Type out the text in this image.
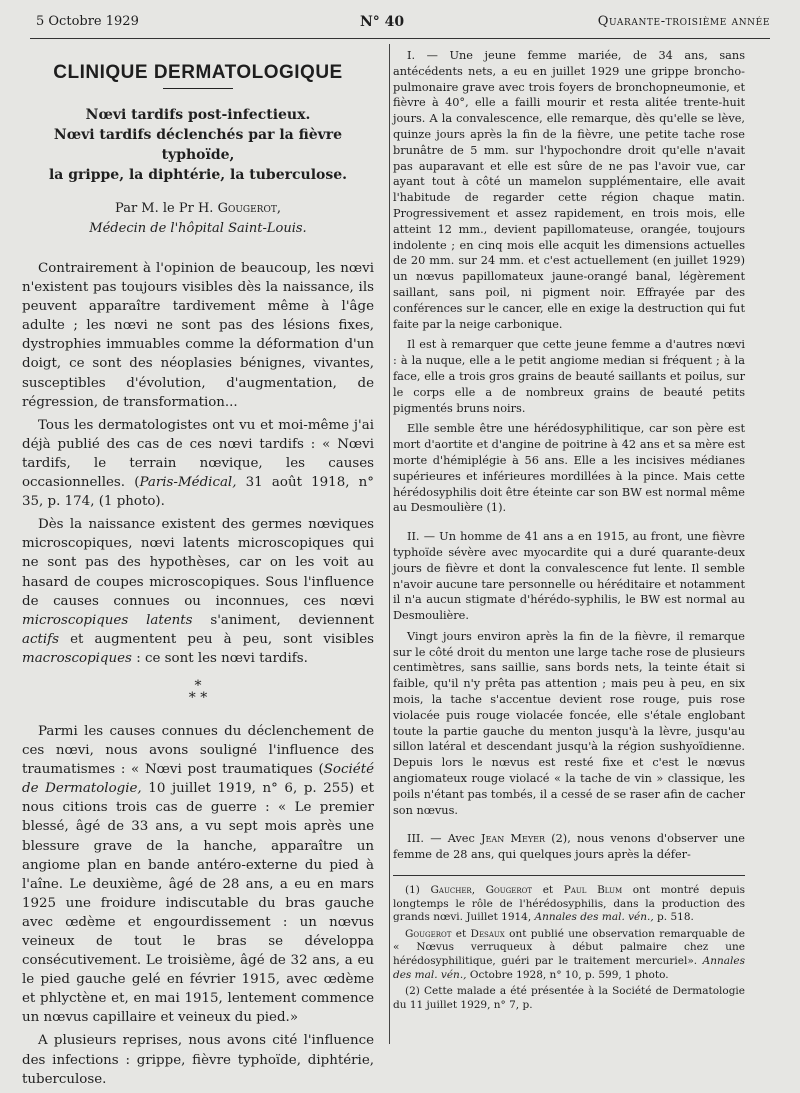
5 Octobre 1929	N° 40	Quarante-troisième année
CLINIQUE DERMATOLOGIQUE
Nœvi tardifs post-infectieux.
Nœvi tardifs déclenchés par la fièvre typhoïde,
la grippe, la diphtérie, la tuberculose.
Par M. le Pr H. Gougerot,
Médecin de l'hôpital Saint-Louis.

Contrairement à l'opinion de beaucoup, les nœvi n'existent pas toujours visibles dès la naissance, ils peuvent apparaître tardivement même à l'âge adulte ; les nœvi ne sont pas des lésions fixes, dystrophies immuables comme la déformation d'un doigt, ce sont des néoplasies bénignes, vivantes, susceptibles d'évolution, d'augmentation, de régression, de transformation...

Tous les dermatologistes ont vu et moi-même j'ai déjà publié des cas de ces nœvi tardifs : « Nœvi tardifs, le terrain nœvique, les causes occasionnelles. (Paris-Médical, 31 août 1918, n° 35, p. 174, (1 photo).

Dès la naissance existent des germes nœviques microscopiques, nœvi latents microscopiques qui ne sont pas des hypothèses, car on les voit au hasard de coupes microscopiques. Sous l'influence de causes connues ou inconnues, ces nœvi microscopiques latents s'animent, deviennent actifs et augmentent peu à peu, sont visibles macroscopiques : ce sont les nœvi tardifs.

*
* *

Parmi les causes connues du déclenchement de ces nœvi, nous avons souligné l'influence des traumatismes : « Nœvi post traumatiques (Société de Dermatologie, 10 juillet 1919, n° 6, p. 255) et nous citions trois cas de guerre : « Le premier blessé, âgé de 33 ans, a vu sept mois après une blessure grave de la hanche, apparaître un angiome plan en bande antéro-externe du pied à l'aîne. Le deuxième, âgé de 28 ans, a eu en mars 1925 une froidure indiscutable du bras gauche avec œdème et engourdissement : un nœvus veineux de tout le bras se développa consécutivement. Le troisième, âgé de 32 ans, a eu le pied gauche gelé en février 1915, avec œdème et phlyctène et, en mai 1915, lentement commence un nœvus capillaire et veineux du pied.»

A plusieurs reprises, nous avons cité l'influence des infections : grippe, fièvre typhoïde, diphtérie, tuberculose.

I. — Une jeune femme mariée, de 34 ans, sans antécédents nets, a eu en juillet 1929 une grippe broncho-pulmonaire grave avec trois foyers de bronchopneumonie, et fièvre à 40°, elle a failli mourir et resta alitée trente-huit jours. A la convalescence, elle remarque, dès qu'elle se lève, quinze jours après la fin de la fièvre, une petite tache rose brunâtre de 5 mm. sur l'hypochondre droit qu'elle n'avait pas auparavant et elle est sûre de ne pas l'avoir vue, car ayant tout à côté un mamelon supplémentaire, elle avait l'habitude de regarder cette région chaque matin. Progressivement et assez rapidement, en trois mois, elle atteint 12 mm., devient papillomateuse, orangée, toujours indolente ; en cinq mois elle acquit les dimensions actuelles de 20 mm. sur 24 mm. et c'est actuellement (en juillet 1929) un nœvus papillomateux jaune-orangé banal, légèrement saillant, sans poil, ni pigment noir. Effrayée par des conférences sur le cancer, elle en exige la destruction qui fut faite par la neige carbonique.

Il est à remarquer que cette jeune femme a d'autres nœvi : à la nuque, elle a le petit angiome median si fréquent ; à la face, elle a trois gros grains de beauté saillants et poilus, sur le corps elle a de nombreux grains de beauté petits pigmentés bruns noirs.

Elle semble être une hérédosyphilitique, car son père est mort d'aortite et d'angine de poitrine à 42 ans et sa mère est morte d'hémiplégie à 56 ans. Elle a les incisives médianes supérieures et inférieures mordillées à la pince. Mais cette hérédosyphilis doit être éteinte car son BW est normal même au Desmoulière (1).

II. — Un homme de 41 ans a en 1915, au front, une fièvre typhoïde sévère avec myocardite qui a duré quarante-deux jours de fièvre et dont la convalescence fut lente. Il semble n'avoir aucune tare personnelle ou héréditaire et notamment il n'a aucun stigmate d'hérédo-syphilis, le BW est normal au Desmoulière.

Vingt jours environ après la fin de la fièvre, il remarque sur le côté droit du menton une large tache rose de plusieurs centimètres, sans saillie, sans bords nets, la teinte était si faible, qu'il n'y prêta pas attention ; mais peu à peu, en six mois, la tache s'accentue devient rose rouge, puis rose violacée puis rouge violacée foncée, elle s'étale englobant toute la partie gauche du menton jusqu'à la lèvre, jusqu'au sillon latéral et descendant jusqu'à la région sushyoïdienne. Depuis lors le nœvus est resté fixe et c'est le nœvus angiomateux rouge violacé « la tache de vin » classique, les poils n'étant pas tombés, il a cessé de se raser afin de cacher son nœvus.

III. — Avec Jean Meyer (2), nous venons d'observer une femme de 28 ans, qui quelques jours après la défer-

(1) Gaucher, Gougerot et Paul Blum ont montré depuis longtemps le rôle de l'hérédosyphilis, dans la production des grands nœvi. Juillet 1914, Annales des mal. vén., p. 518.

Gougerot et Desaux ont publié une observation remarquable de « Nœvus verruqueux à début palmaire chez une hérédosyphilitique, guéri par le traitement mercuriel». Annales des mal. vén., Octobre 1928, n° 10, p. 599, 1 photo.

(2) Cette malade a été présentée à la Société de Dermatologie du 11 juillet 1929, n° 7, p.
